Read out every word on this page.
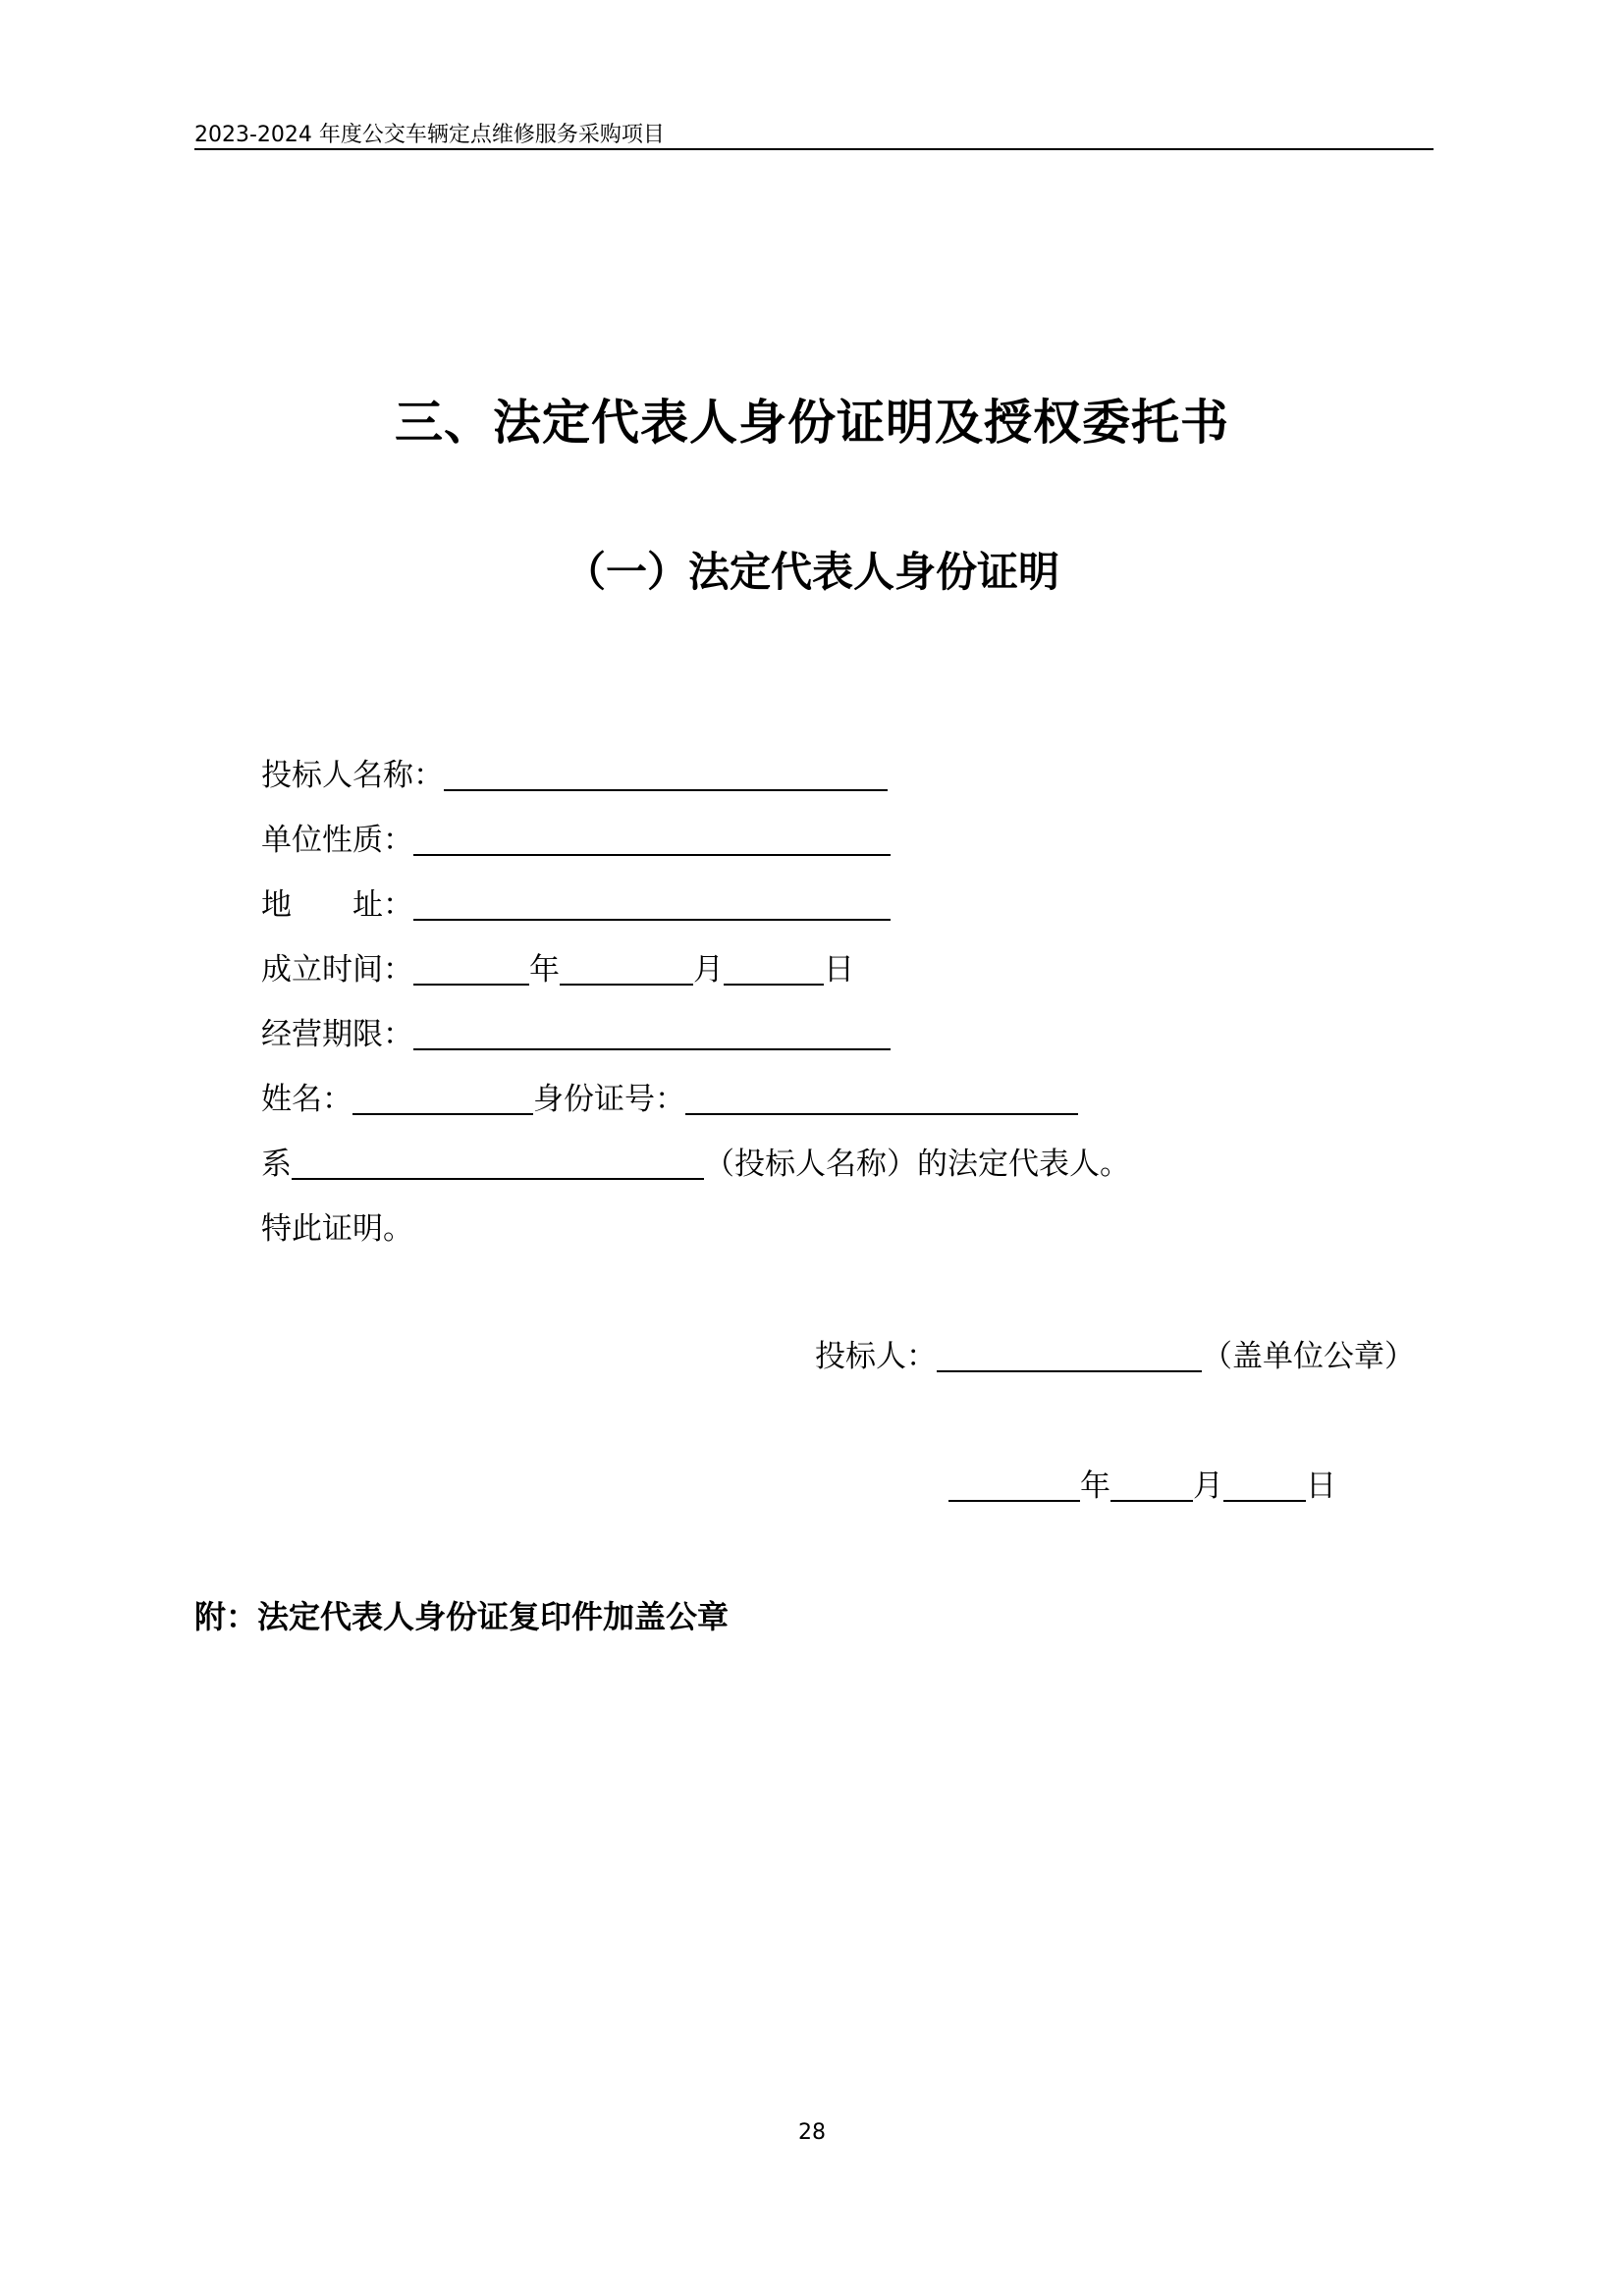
2023-2024 年度公交车辆定点维修服务采购项目
三、法定代表人身份证明及授权委托书
（一）法定代表人身份证明
投标人名称：
单位性质：
地 址：
成立时间：	年	月	日
经营期限：
姓名：	身份证号：
系	（投标人名称）的法定代表人。
特此证明。
投标人：	（盖单位公章）
年	月	日
附：法定代表人身份证复印件加盖公章
28
